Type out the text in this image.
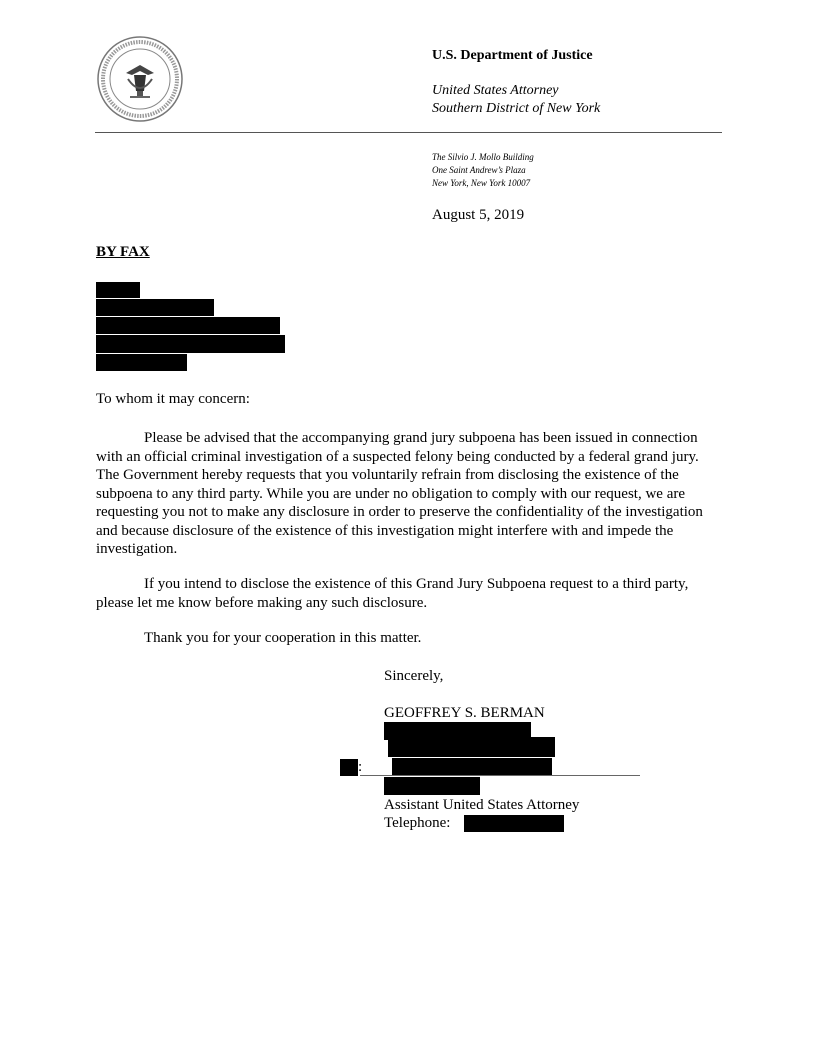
U.S. Department of Justice
United States Attorney
Southern District of New York
The Silvio J. Mollo Building
One Saint Andrew’s Plaza
New York, New York 10007
August 5, 2019
BY FAX
To whom it may concern:

Please be advised that the accompanying grand jury subpoena has been issued in connection with an official criminal investigation of a suspected felony being conducted by a federal grand jury. The Government hereby requests that you voluntarily refrain from disclosing the existence of the subpoena to any third party. While you are under no obligation to comply with our request, we are requesting you not to make any disclosure in order to preserve the confidentiality of the investigation and because disclosure of the existence of this investigation might interfere with and impede the investigation.

If you intend to disclose the existence of this Grand Jury Subpoena request to a third party, please let me know before making any such disclosure.

Thank you for your cooperation in this matter.
Sincerely,
GEOFFREY S. BERMAN
:
Assistant United States Attorney
Telephone:
